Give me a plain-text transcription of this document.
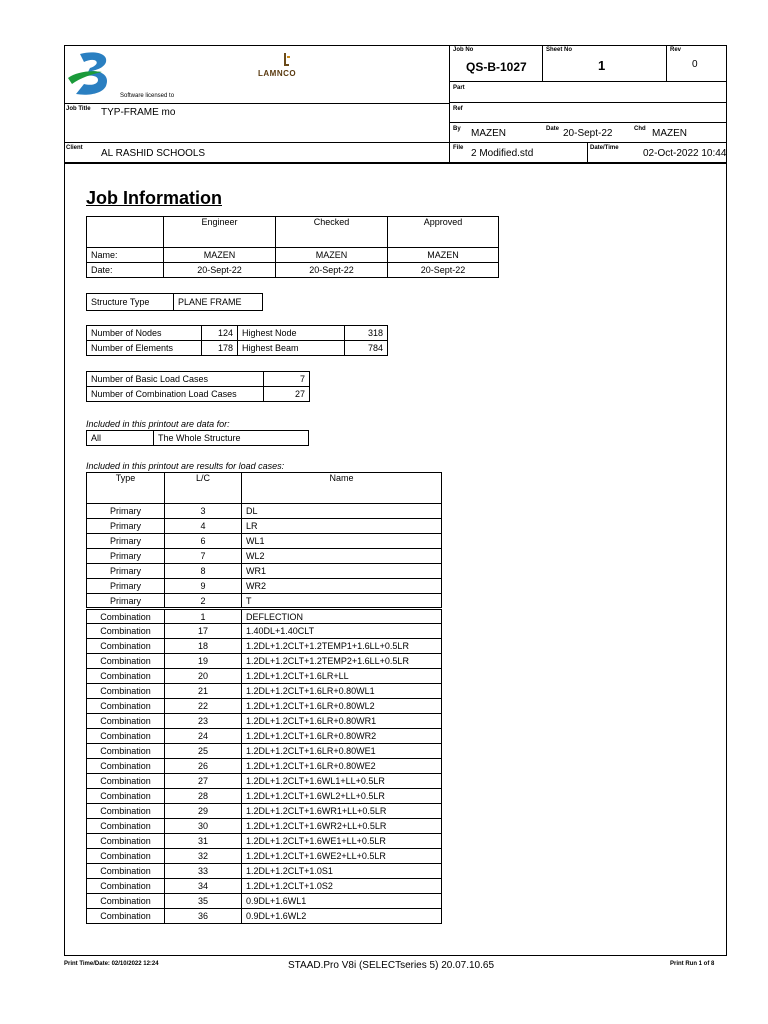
Software licensed to
LAMNCO
Job No
QS-B-1027
Sheet No
1
Rev
0
Part
Ref
By MAZEN	Date 20-Sept-22	Chd MAZEN
Job Title TYP-FRAME mo
Client AL RASHID SCHOOLS	File 2 Modified.std	Date/Time 02-Oct-2022 10:44
Job Information
	Engineer	Checked	Approved
Name:	MAZEN	MAZEN	MAZEN
Date:	20-Sept-22	20-Sept-22	20-Sept-22
Structure Type	PLANE FRAME
Number of Nodes	124	Highest Node	318
Number of Elements	178	Highest Beam	784
Number of Basic Load Cases	7
Number of Combination Load Cases	27
Included in this printout are data for:
All	The Whole Structure
Included in this printout are results for load cases:
Type	L/C	Name
Primary	3	DL
Primary	4	LR
Primary	6	WL1
Primary	7	WL2
Primary	8	WR1
Primary	9	WR2
Primary	2	T
Combination	1	DEFLECTION
Combination	17	1.40DL+1.40CLT
Combination	18	1.2DL+1.2CLT+1.2TEMP1+1.6LL+0.5LR
Combination	19	1.2DL+1.2CLT+1.2TEMP2+1.6LL+0.5LR
Combination	20	1.2DL+1.2CLT+1.6LR+LL
Combination	21	1.2DL+1.2CLT+1.6LR+0.80WL1
Combination	22	1.2DL+1.2CLT+1.6LR+0.80WL2
Combination	23	1.2DL+1.2CLT+1.6LR+0.80WR1
Combination	24	1.2DL+1.2CLT+1.6LR+0.80WR2
Combination	25	1.2DL+1.2CLT+1.6LR+0.80WE1
Combination	26	1.2DL+1.2CLT+1.6LR+0.80WE2
Combination	27	1.2DL+1.2CLT+1.6WL1+LL+0.5LR
Combination	28	1.2DL+1.2CLT+1.6WL2+LL+0.5LR
Combination	29	1.2DL+1.2CLT+1.6WR1+LL+0.5LR
Combination	30	1.2DL+1.2CLT+1.6WR2+LL+0.5LR
Combination	31	1.2DL+1.2CLT+1.6WE1+LL+0.5LR
Combination	32	1.2DL+1.2CLT+1.6WE2+LL+0.5LR
Combination	33	1.2DL+1.2CLT+1.0S1
Combination	34	1.2DL+1.2CLT+1.0S2
Combination	35	0.9DL+1.6WL1
Combination	36	0.9DL+1.6WL2
Print Time/Date: 02/10/2022 12:24	STAAD.Pro V8i (SELECTseries 5) 20.07.10.65	Print Run 1 of 8
